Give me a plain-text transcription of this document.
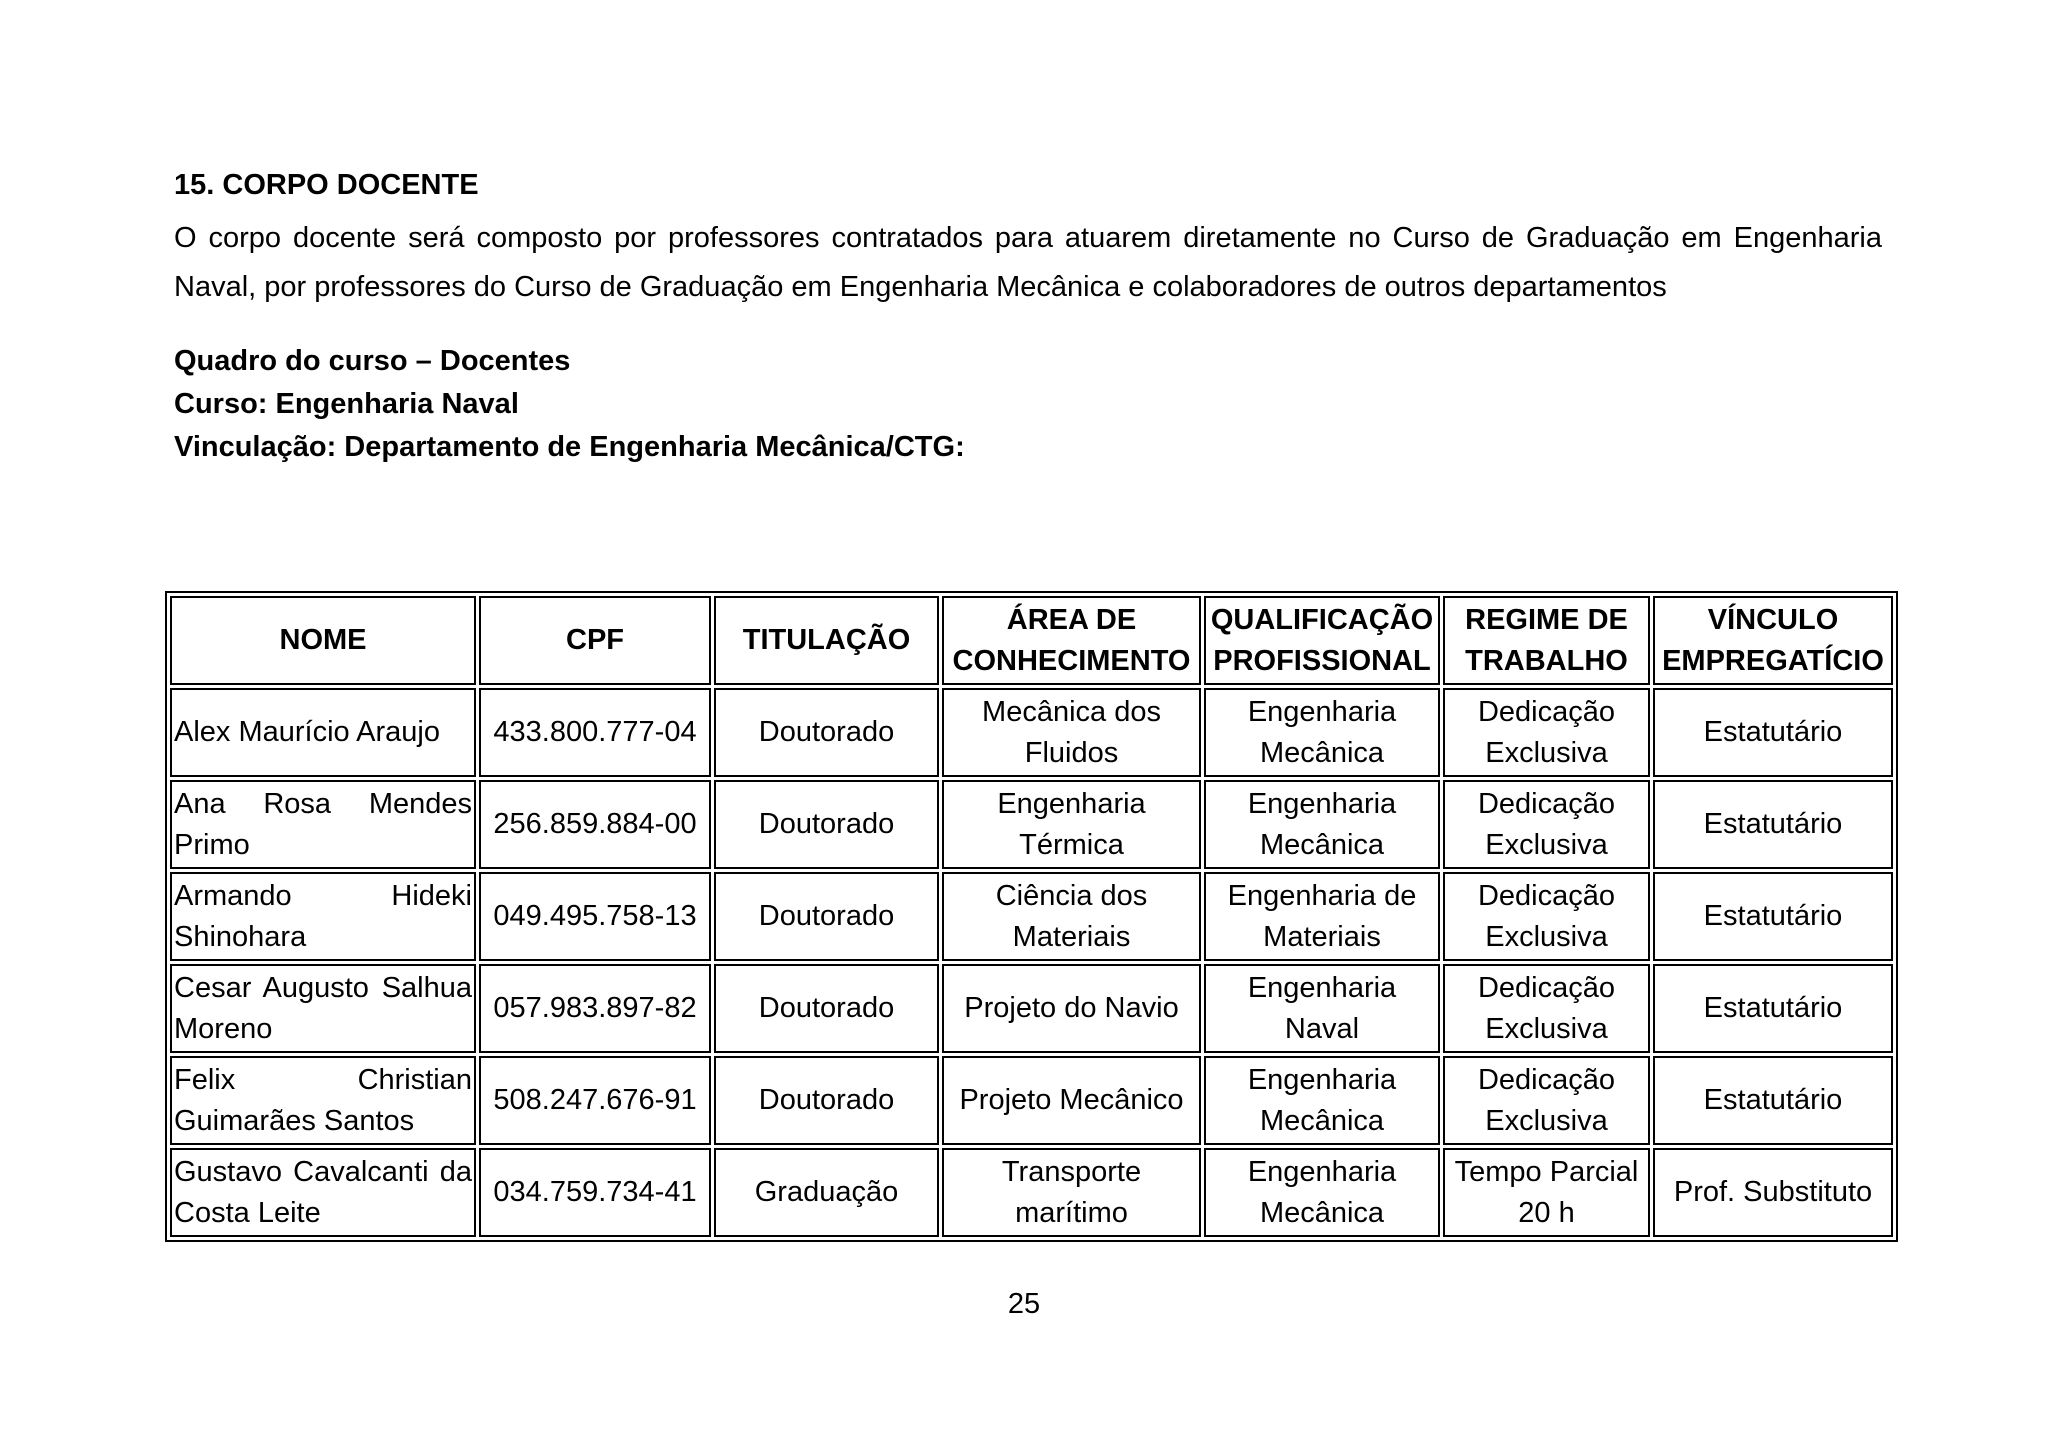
15. CORPO DOCENTE

O corpo docente será composto por professores contratados para atuarem diretamente no Curso de Graduação em Engenharia Naval, por professores do Curso de Graduação em Engenharia Mecânica e colaboradores de outros departamentos

Quadro do curso – Docentes
Curso: Engenharia Naval
Vinculação: Departamento de Engenharia Mecânica/CTG:
NOME	CPF	TITULAÇÃO	ÁREA DE CONHECIMENTO	QUALIFICAÇÃO PROFISSIONAL	REGIME DE TRABALHO	VÍNCULO EMPREGATÍCIO
Alex Maurício Araujo	433.800.777-04	Doutorado	Mecânica dos Fluidos	Engenharia Mecânica	Dedicação Exclusiva	Estatutário
Ana Rosa Mendes Primo	256.859.884-00	Doutorado	Engenharia Térmica	Engenharia Mecânica	Dedicação Exclusiva	Estatutário
Armando Hideki Shinohara	049.495.758-13	Doutorado	Ciência dos Materiais	Engenharia de Materiais	Dedicação Exclusiva	Estatutário
Cesar Augusto Salhua Moreno	057.983.897-82	Doutorado	Projeto do Navio	Engenharia Naval	Dedicação Exclusiva	Estatutário
Felix Christian Guimarães Santos	508.247.676-91	Doutorado	Projeto Mecânico	Engenharia Mecânica	Dedicação Exclusiva	Estatutário
Gustavo Cavalcanti da Costa Leite	034.759.734-41	Graduação	Transporte marítimo	Engenharia Mecânica	Tempo Parcial 20 h	Prof. Substituto
25
